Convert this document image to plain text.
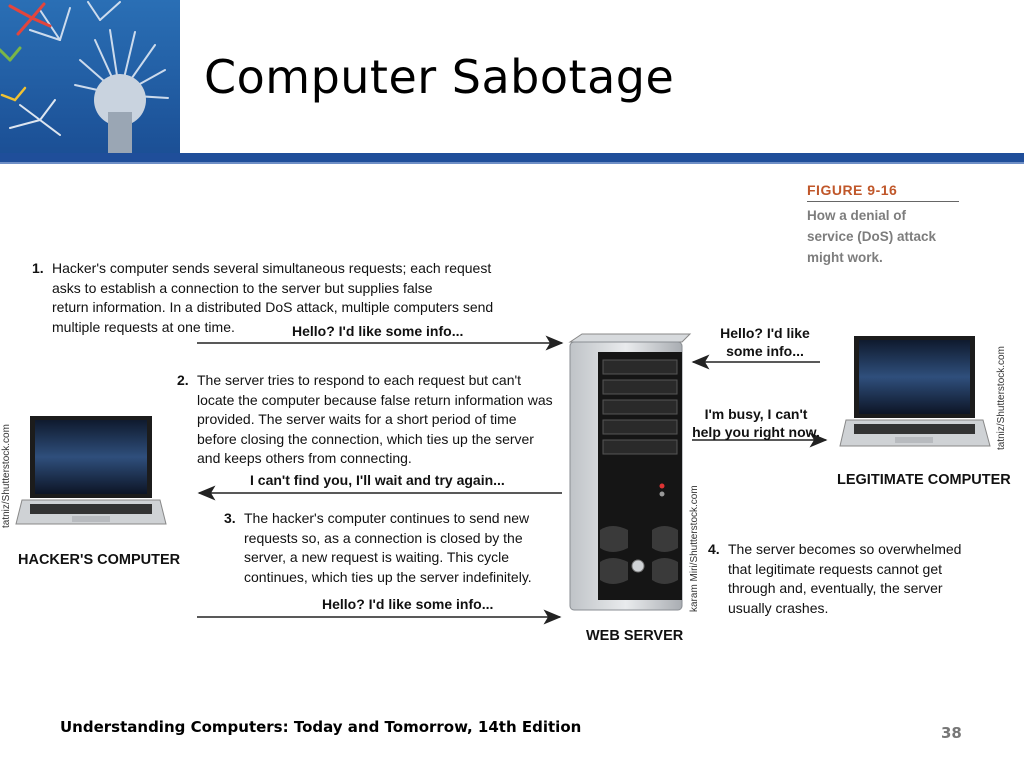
Computer Sabotage
FIGURE 9-16
How a denial of
service (DoS) attack
might work.
1. Hacker's computer sends several simultaneous requests; each request
asks to establish a connection to the server but supplies false
return information. In a distributed DoS attack, multiple computers send
multiple requests at one time.
2. The server tries to respond to each request but can't
locate the computer because false return information was
provided. The server waits for a short period of time
before closing the connection, which ties up the server
and keeps others from connecting.
3. The hacker's computer continues to send new
requests so, as a connection is closed by the
server, a new request is waiting. This cycle
continues, which ties up the server indefinitely.
4. The server becomes so overwhelmed
that legitimate requests cannot get
through and, eventually, the server
usually crashes.
Hello? I'd like some info...
I can't find you, I'll wait and try again...
Hello? I'd like some info...
Hello? I'd like
some info...
I'm busy, I can't
help you right now.
HACKER'S COMPUTER
WEB SERVER
LEGITIMATE COMPUTER
tatniz/Shutterstock.com
karam Miri/Shutterstock.com
tatniz/Shutterstock.com
Understanding Computers: Today and Tomorrow, 14th Edition	38
